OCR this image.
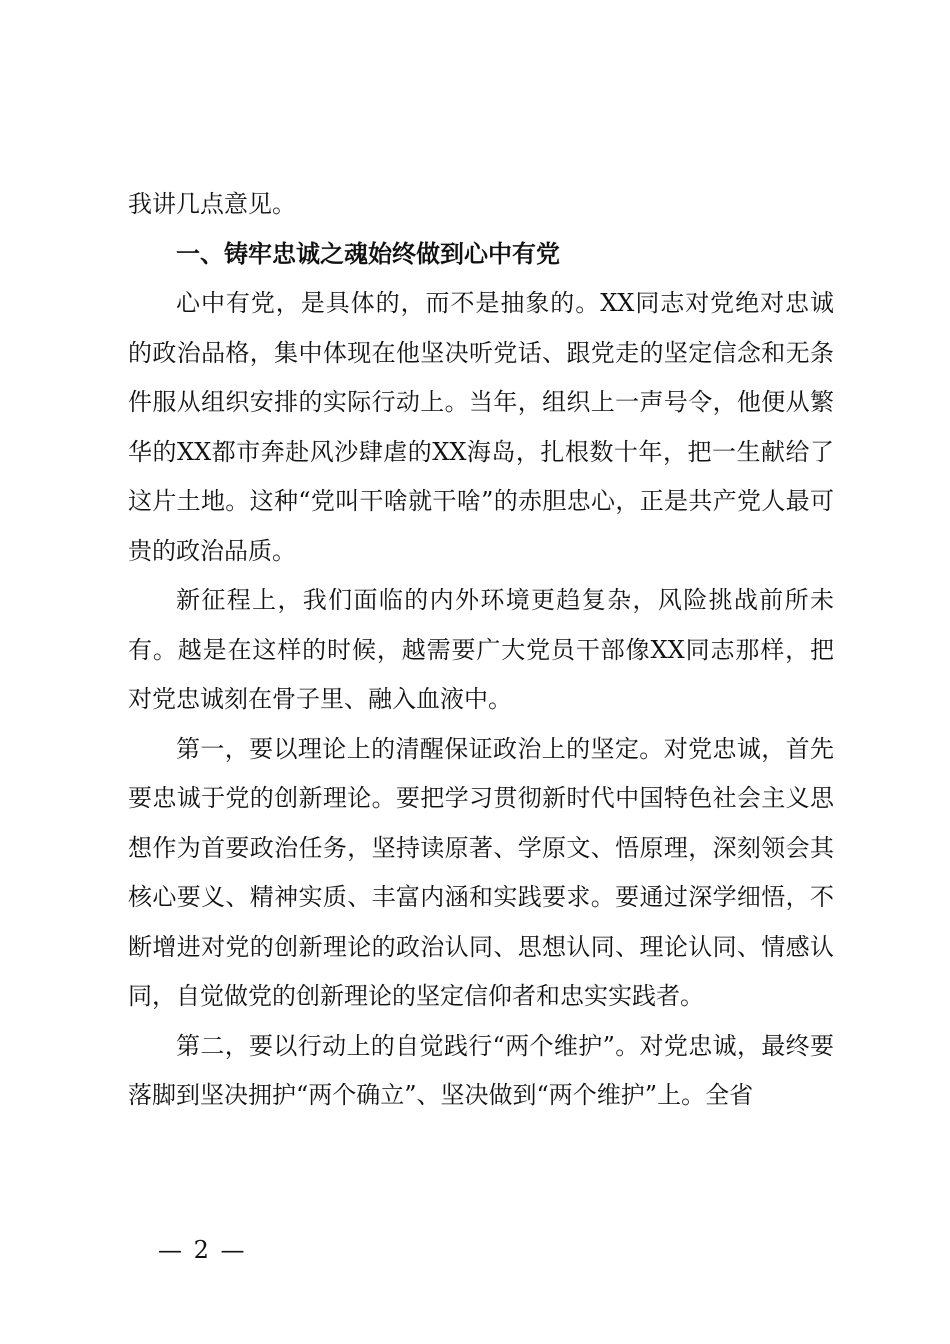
我讲几点意见。

一、铸牢忠诚之魂始终做到心中有党

心中有党，是具体的，而不是抽象的。XX同志对党绝对忠诚的政治品格，集中体现在他坚决听党话、跟党走的坚定信念和无条件服从组织安排的实际行动上。当年，组织上一声号令，他便从繁华的XX都市奔赴风沙肆虐的XX海岛，扎根数十年，把一生献给了这片土地。这种“党叫干啥就干啥”的赤胆忠心，正是共产党人最可贵的政治品质。

新征程上，我们面临的内外环境更趋复杂，风险挑战前所未有。越是在这样的时候，越需要广大党员干部像XX同志那样，把对党忠诚刻在骨子里、融入血液中。

第一，要以理论上的清醒保证政治上的坚定。对党忠诚，首先要忠诚于党的创新理论。要把学习贯彻新时代中国特色社会主义思想作为首要政治任务，坚持读原著、学原文、悟原理，深刻领会其核心要义、精神实质、丰富内涵和实践要求。要通过深学细悟，不断增进对党的创新理论的政治认同、思想认同、理论认同、情感认同，自觉做党的创新理论的坚定信仰者和忠实实践者。

第二，要以行动上的自觉践行“两个维护”。对党忠诚，最终要落脚到坚决拥护“两个确立”、坚决做到“两个维护”上。全省

— 2 —
